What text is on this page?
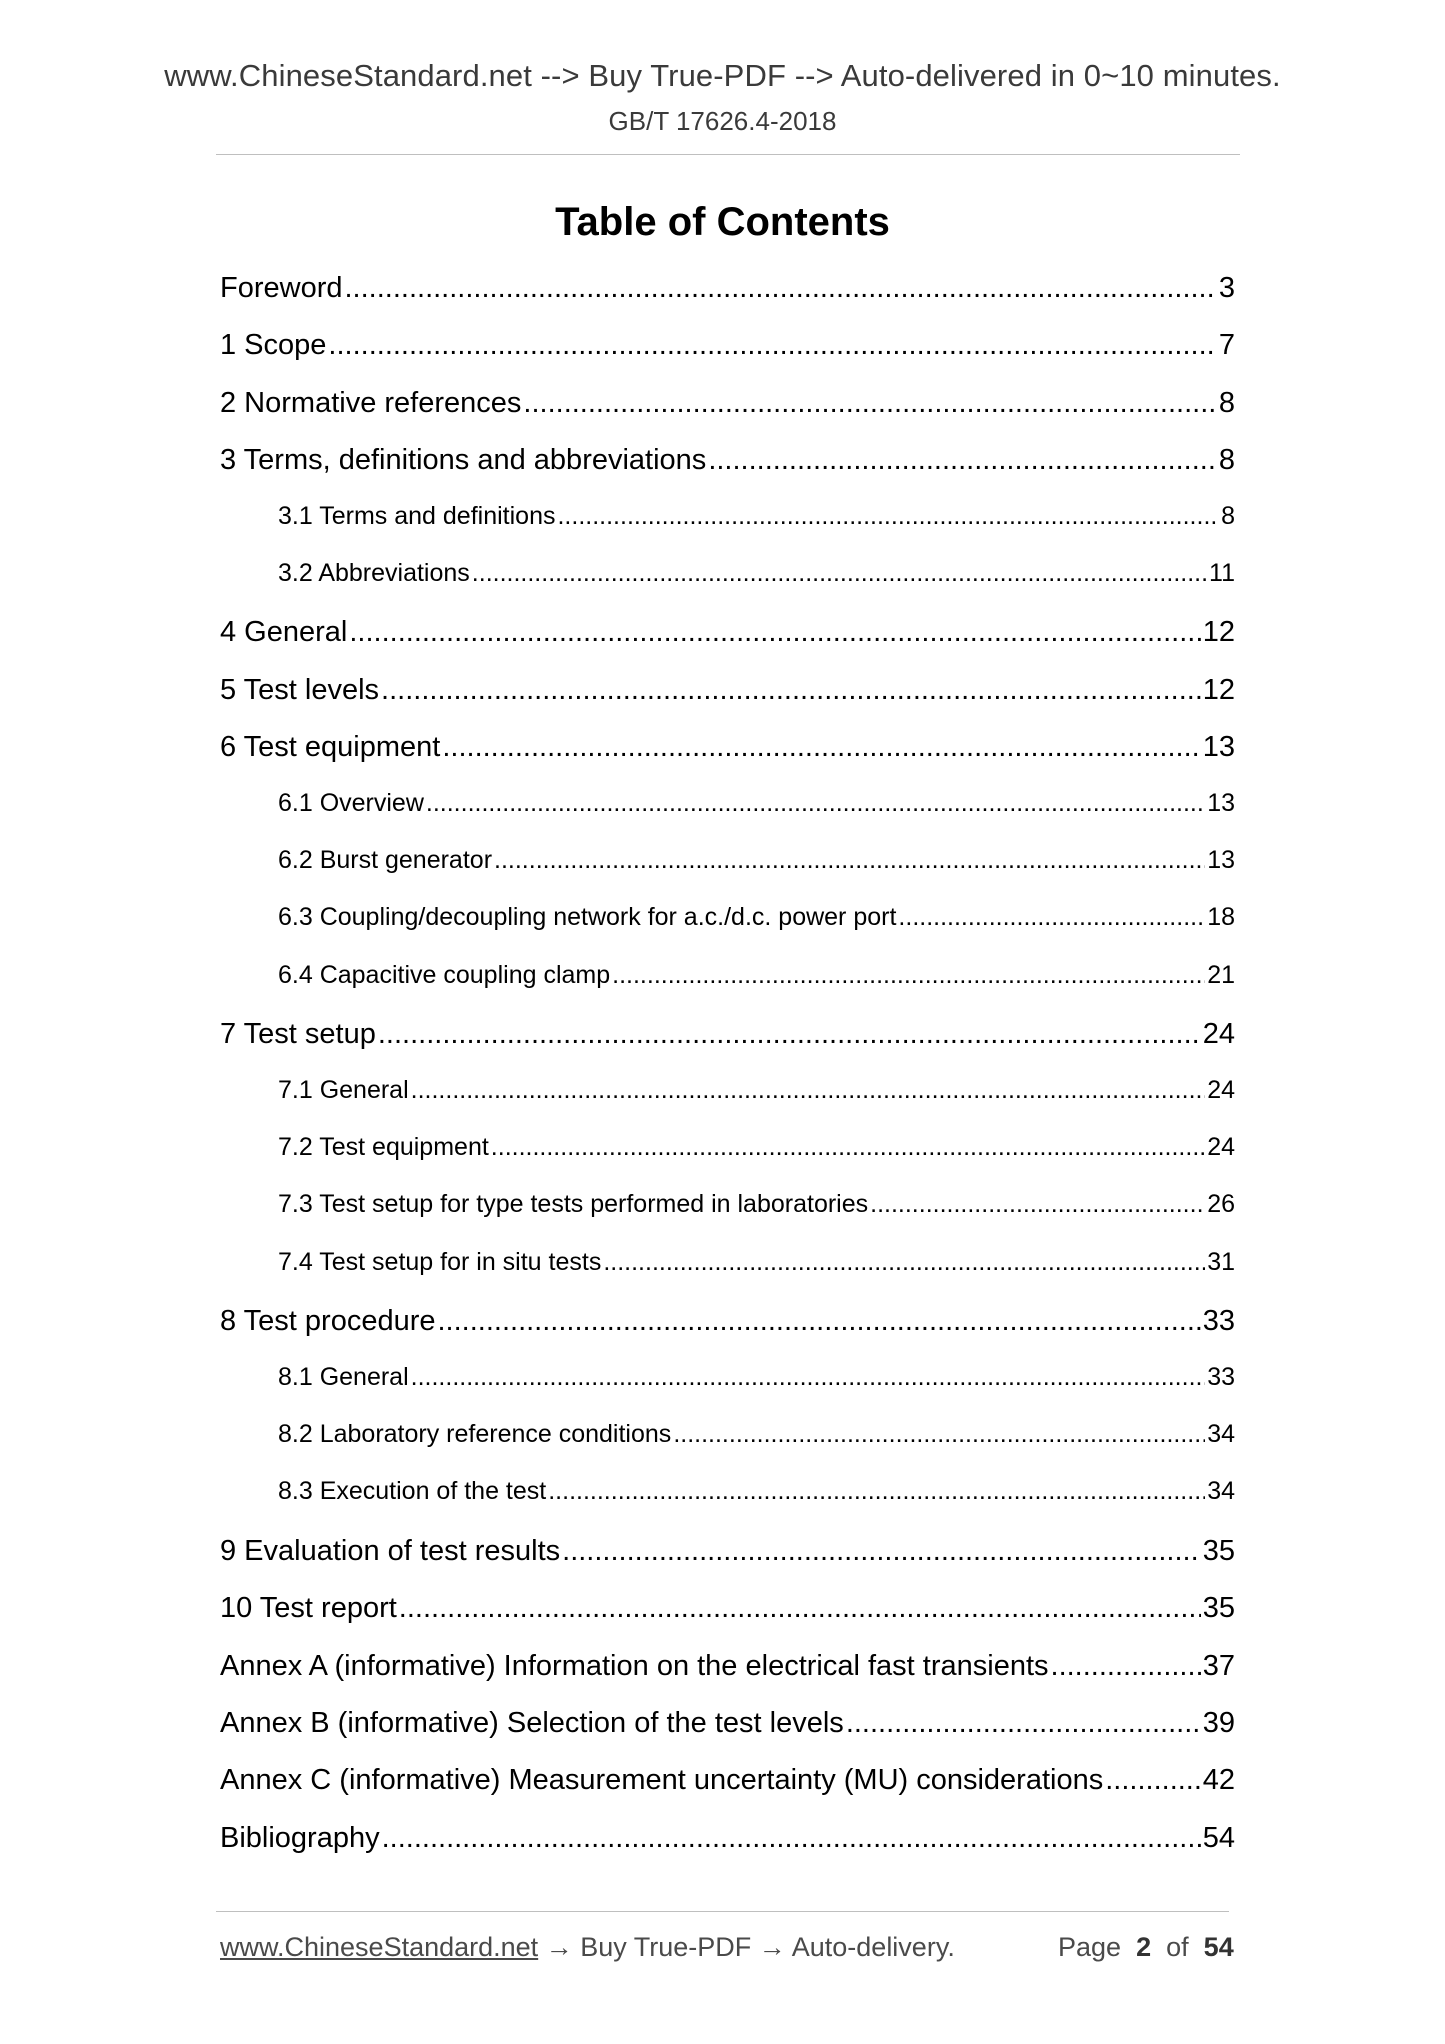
www.ChineseStandard.net --> Buy True-PDF --> Auto-delivered in 0~10 minutes.
GB/T 17626.4-2018
Table of Contents
Foreword .....	3
1 Scope .....	7
2 Normative references .....	8
3 Terms, definitions and abbreviations .....	8
3.1 Terms and definitions .....	8
3.2 Abbreviations .....	11
4 General .....	12
5 Test levels .....	12
6 Test equipment .....	13
6.1 Overview .....	13
6.2 Burst generator .....	13
6.3 Coupling/decoupling network for a.c./d.c. power port .....	18
6.4 Capacitive coupling clamp .....	21
7 Test setup .....	24
7.1 General .....	24
7.2 Test equipment .....	24
7.3 Test setup for type tests performed in laboratories .....	26
7.4 Test setup for in situ tests .....	31
8 Test procedure .....	33
8.1 General .....	33
8.2 Laboratory reference conditions .....	34
8.3 Execution of the test .....	34
9 Evaluation of test results .....	35
10 Test report .....	35
Annex A (informative) Information on the electrical fast transients .....	37
Annex B (informative) Selection of the test levels .....	39
Annex C (informative) Measurement uncertainty (MU) considerations .....	42
Bibliography .....	54
www.ChineseStandard.net → Buy True-PDF → Auto-delivery.	Page 2 of 54
